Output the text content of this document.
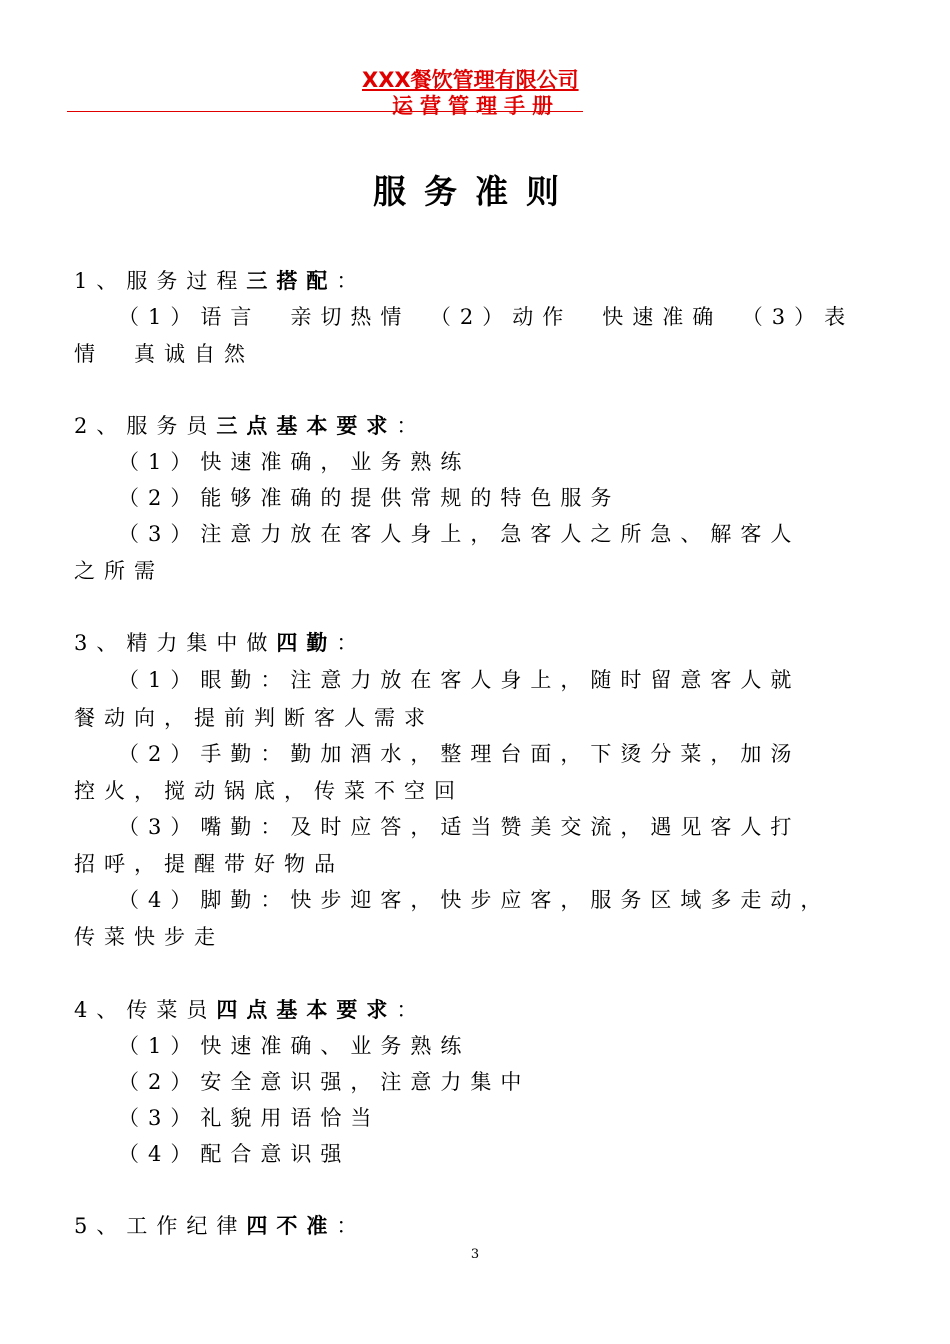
XXX餐饮管理有限公司
运营管理手册
服务准则
1、服务过程三搭配：
（1）语言　亲切热情　（2）动作　快速准确　（3）表
情　真诚自然
2、服务员三点基本要求：
（1）快速准确，业务熟练
（2）能够准确的提供常规的特色服务
（3）注意力放在客人身上，急客人之所急、解客人
之所需
3、精力集中做四勤：
（1）眼勤：注意力放在客人身上，随时留意客人就
餐动向，提前判断客人需求
（2）手勤：勤加酒水，整理台面，下烫分菜，加汤
控火，搅动锅底，传菜不空回
（3）嘴勤：及时应答，适当赞美交流，遇见客人打
招呼，提醒带好物品
（4）脚勤：快步迎客，快步应客，服务区域多走动，
传菜快步走
4、传菜员四点基本要求：
（1）快速准确、业务熟练
（2）安全意识强，注意力集中
（3）礼貌用语恰当
（4）配合意识强
5、工作纪律四不准：
3
